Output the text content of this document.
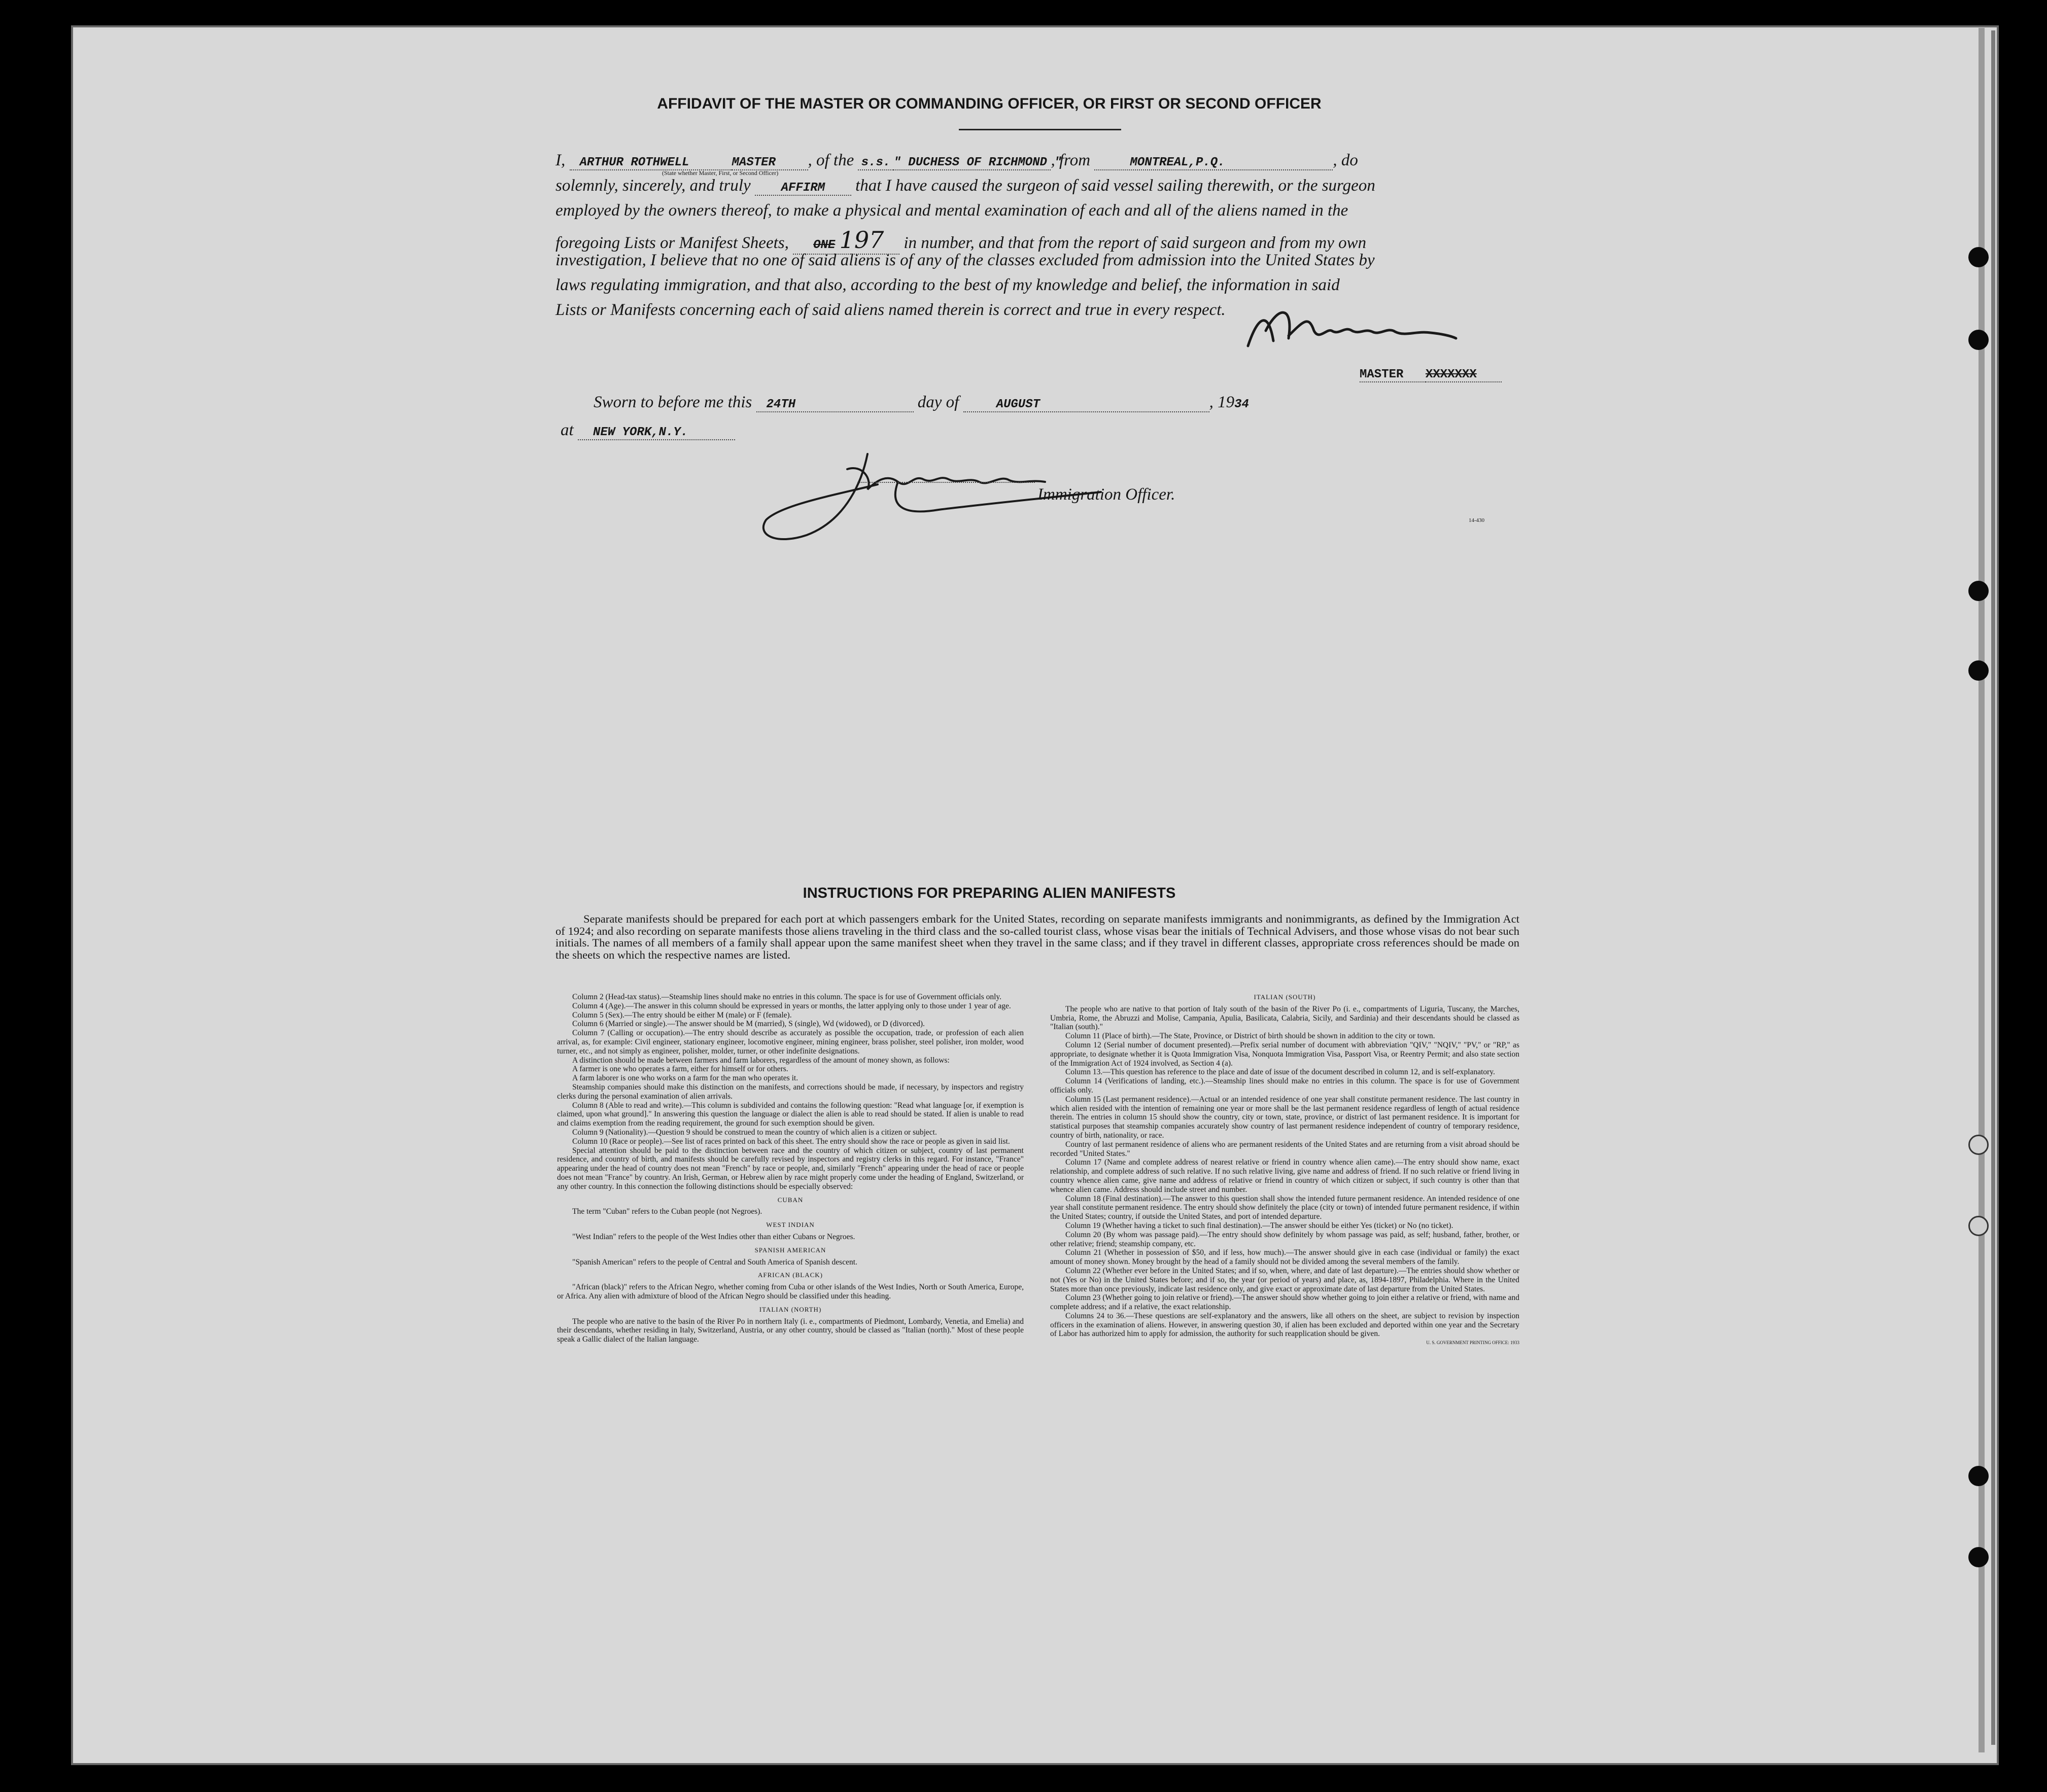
AFFIDAVIT OF THE MASTER OR COMMANDING OFFICER, OR FIRST OR SECOND OFFICER
I, ARTHUR ROTHWELL	MASTER , of the s.s. " DUCHESS OF RICHMOND ", from	MONTREAL,P.Q.	, do
(State whether Master, First, or Second Officer)
solemnly, sincerely, and truly	AFFIRM that I have caused the surgeon of said vessel sailing therewith, or the surgeon
employed by the owners thereof, to make a physical and mental examination of each and all of the aliens named in the
foregoing Lists or Manifest Sheets, ONE 197 in number, and that from the report of said surgeon and from my own
investigation, I believe that no one of said aliens is of any of the classes excluded from admission into the United States by
laws regulating immigration, and that also, according to the best of my knowledge and belief, the information in said
Lists or Manifests concerning each of said aliens named therein is correct and true in every respect.
MASTER XXXXXXX
Sworn to before me this 24TH	day of	AUGUST	, 1934
at NEW YORK,N.Y.
Immigration Officer.
14-430
INSTRUCTIONS FOR PREPARING ALIEN MANIFESTS
Separate manifests should be prepared for each port at which passengers embark for the United States, recording on separate manifests immigrants and nonimmigrants, as defined by the Immigration Act of 1924; and also recording on separate manifests those aliens traveling in the third class and the so-called tourist class, whose visas bear the initials of Technical Advisers, and those whose visas do not bear such initials. The names of all members of a family shall appear upon the same manifest sheet when they travel in the same class; and if they travel in different classes, appropriate cross references should be made on the sheets on which the respective names are listed.

Column 2 (Head-tax status).—Steamship lines should make no entries in this column. The space is for use of Government officials only.

Column 4 (Age).—The answer in this column should be expressed in years or months, the latter applying only to those under 1 year of age.

Column 5 (Sex).—The entry should be either M (male) or F (female).

Column 6 (Married or single).—The answer should be M (married), S (single), Wd (widowed), or D (divorced).

Column 7 (Calling or occupation).—The entry should describe as accurately as possible the occupation, trade, or profession of each alien arrival, as, for example: Civil engineer, stationary engineer, locomotive engineer, mining engineer, brass polisher, steel polisher, iron molder, wood turner, etc., and not simply as engineer, polisher, molder, turner, or other indefinite designations.

A distinction should be made between farmers and farm laborers, regardless of the amount of money shown, as follows:

A farmer is one who operates a farm, either for himself or for others.

A farm laborer is one who works on a farm for the man who operates it.

Steamship companies should make this distinction on the manifests, and corrections should be made, if necessary, by inspectors and registry clerks during the personal examination of alien arrivals.

Column 8 (Able to read and write).—This column is subdivided and contains the following question: "Read what language [or, if exemption is claimed, upon what ground]." In answering this question the language or dialect the alien is able to read should be stated. If alien is unable to read and claims exemption from the reading requirement, the ground for such exemption should be given.

Column 9 (Nationality).—Question 9 should be construed to mean the country of which alien is a citizen or subject.

Column 10 (Race or people).—See list of races printed on back of this sheet. The entry should show the race or people as given in said list.

Special attention should be paid to the distinction between race and the country of which citizen or subject, country of last permanent residence, and country of birth, and manifests should be carefully revised by inspectors and registry clerks in this regard. For instance, "France" appearing under the head of country does not mean "French" by race or people, and, similarly "French" appearing under the head of race or people does not mean "France" by country. An Irish, German, or Hebrew alien by race might properly come under the heading of England, Switzerland, or any other country. In this connection the following distinctions should be especially observed:

CUBAN

The term "Cuban" refers to the Cuban people (not Negroes).

WEST INDIAN

"West Indian" refers to the people of the West Indies other than either Cubans or Negroes.

SPANISH AMERICAN

"Spanish American" refers to the people of Central and South America of Spanish descent.

AFRICAN (BLACK)

"African (black)" refers to the African Negro, whether coming from Cuba or other islands of the West Indies, North or South America, Europe, or Africa. Any alien with admixture of blood of the African Negro should be classified under this heading.

ITALIAN (NORTH)

The people who are native to the basin of the River Po in northern Italy (i. e., compartments of Piedmont, Lombardy, Venetia, and Emelia) and their descendants, whether residing in Italy, Switzerland, Austria, or any other country, should be classed as "Italian (north)." Most of these people speak a Gallic dialect of the Italian language.

ITALIAN (SOUTH)

The people who are native to that portion of Italy south of the basin of the River Po (i. e., compartments of Liguria, Tuscany, the Marches, Umbria, Rome, the Abruzzi and Molise, Campania, Apulia, Basilicata, Calabria, Sicily, and Sardinia) and their descendants should be classed as "Italian (south)."

Column 11 (Place of birth).—The State, Province, or District of birth should be shown in addition to the city or town.

Column 12 (Serial number of document presented).—Prefix serial number of document with abbreviation "QIV," "NQIV," "PV," or "RP," as appropriate, to designate whether it is Quota Immigration Visa, Nonquota Immigration Visa, Passport Visa, or Reentry Permit; and also state section of the Immigration Act of 1924 involved, as Section 4 (a).

Column 13.—This question has reference to the place and date of issue of the document described in column 12, and is self-explanatory.

Column 14 (Verifications of landing, etc.).—Steamship lines should make no entries in this column. The space is for use of Government officials only.

Column 15 (Last permanent residence).—Actual or an intended residence of one year shall constitute permanent residence. The last country in which alien resided with the intention of remaining one year or more shall be the last permanent residence regardless of length of actual residence therein. The entries in column 15 should show the country, city or town, state, province, or district of last permanent residence. It is important for statistical purposes that steamship companies accurately show country of last permanent residence independent of country of temporary residence, country of birth, nationality, or race.

Country of last permanent residence of aliens who are permanent residents of the United States and are returning from a visit abroad should be recorded "United States."

Column 17 (Name and complete address of nearest relative or friend in country whence alien came).—The entry should show name, exact relationship, and complete address of such relative. If no such relative living, give name and address of friend. If no such relative or friend living in country whence alien came, give name and address of relative or friend in country of which citizen or subject, if such country is other than that whence alien came. Address should include street and number.

Column 18 (Final destination).—The answer to this question shall show the intended future permanent residence. An intended residence of one year shall constitute permanent residence. The entry should show definitely the place (city or town) of intended future permanent residence, if within the United States; country, if outside the United States, and port of intended departure.

Column 19 (Whether having a ticket to such final destination).—The answer should be either Yes (ticket) or No (no ticket).

Column 20 (By whom was passage paid).—The entry should show definitely by whom passage was paid, as self; husband, father, brother, or other relative; friend; steamship company, etc.

Column 21 (Whether in possession of $50, and if less, how much).—The answer should give in each case (individual or family) the exact amount of money shown. Money brought by the head of a family should not be divided among the several members of the family.

Column 22 (Whether ever before in the United States; and if so, when, where, and date of last departure).—The entries should show whether or not (Yes or No) in the United States before; and if so, the year (or period of years) and place, as, 1894-1897, Philadelphia. Where in the United States more than once previously, indicate last residence only, and give exact or approximate date of last departure from the United States.

Column 23 (Whether going to join relative or friend).—The answer should show whether going to join either a relative or friend, with name and complete address; and if a relative, the exact relationship.

Columns 24 to 36.—These questions are self-explanatory and the answers, like all others on the sheet, are subject to revision by inspection officers in the examination of aliens. However, in answering question 30, if alien has been excluded and deported within one year and the Secretary of Labor has authorized him to apply for admission, the authority for such reapplication should be given.

U. S. GOVERNMENT PRINTING OFFICE: 1933
